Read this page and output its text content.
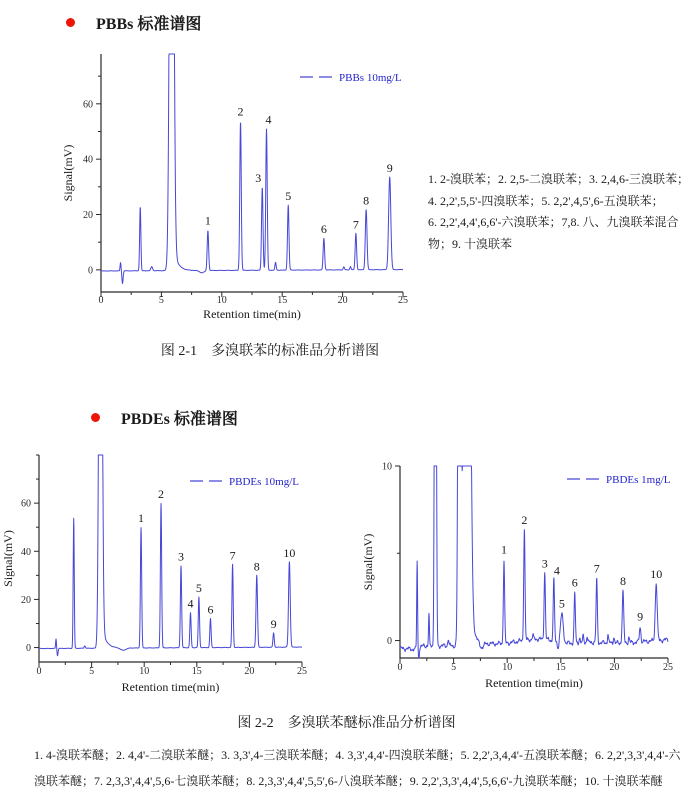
PBBs 标准谱图
0	5	10	15	20	25
0
20
40
60
Retention time(min)
Signal(mV)
1
2
3
4
5
6 7
8
9
PBBs 10mg/L
1. 2-溴联苯；2. 2,5-二溴联苯；3. 2,4,6-三溴联苯；
4. 2,2',5,5'-四溴联苯；5. 2,2',4,5',6-五溴联苯；
6. 2,2',4,4',6,6'-六溴联苯；7,8. 八、九溴联苯混合
物；9. 十溴联苯
图 2-1　多溴联苯的标准品分析谱图
PBDEs 标准谱图
0	5	10	15	20	25
0
20
40
60
Retention time(min)
Signal(mV)
1
2
3
4
5
6
7
8
9
10
PBDEs 10mg/L
0	5	10	15	20	25
0
10
Retention time(min)
Signal(mV)	1
2
3 4
5
6
7
8
9
10
PBDEs 1mg/L
图 2-2　多溴联苯醚标准品分析谱图
1. 4-溴联苯醚；2. 4,4'-二溴联苯醚；3. 3,3',4-三溴联苯醚；4. 3,3',4,4'-四溴联苯醚；5. 2,2',3,4,4'-五溴联苯醚；6. 2,2',3,3',4,4'-六
溴联苯醚；7. 2,3,3',4,4',5,6-七溴联苯醚；8. 2,3,3',4,4',5,5',6-八溴联苯醚；9. 2,2',3,3',4,4',5,6,6'-九溴联苯醚；10. 十溴联苯醚
